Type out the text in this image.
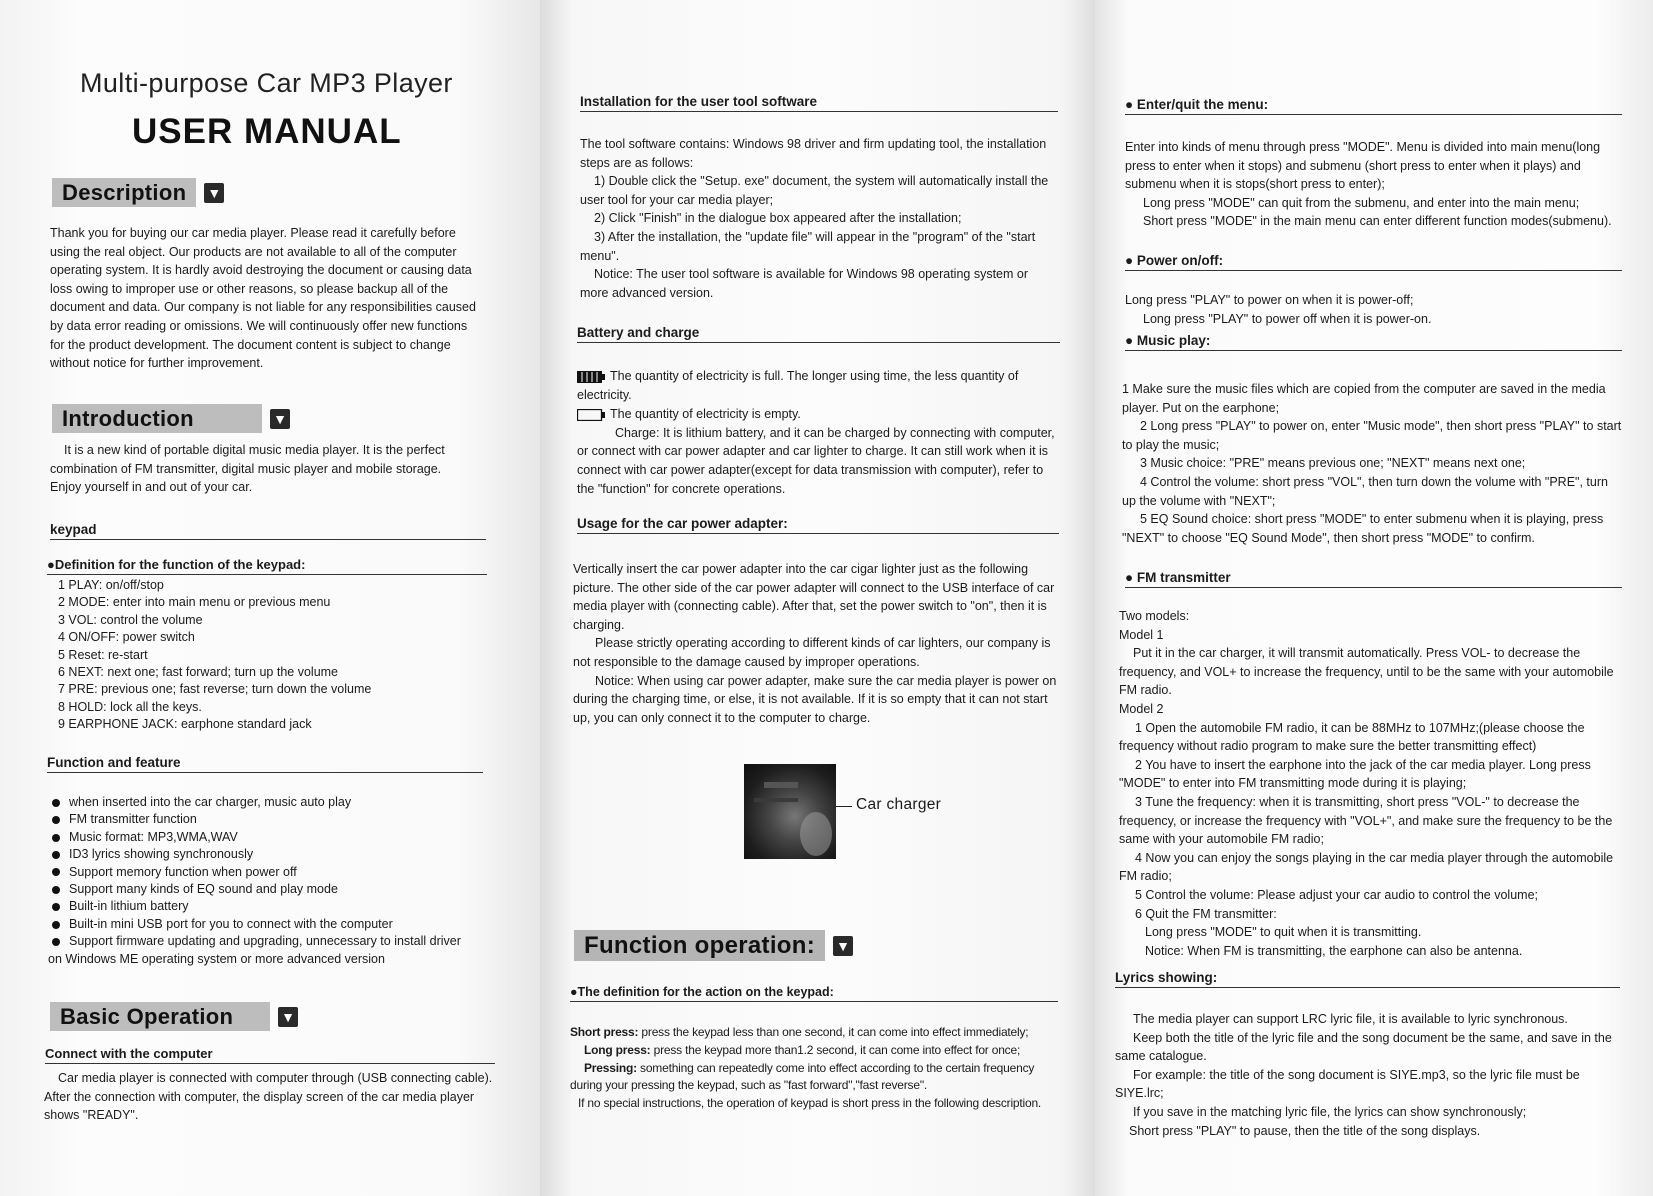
Multi-purpose Car MP3 Player
USER MANUAL
Description	▼
Thank you for buying our car media player. Please read it carefully before using the real object. Our products are not available to all of the computer operating system. It is hardly avoid destroying the document or causing data loss owing to improper use or other reasons, so please backup all of the document and data. Our company is not liable for any responsibilities caused by data error reading or omissions. We will continuously offer new functions for the product development. The document content is subject to change without notice for further improvement.
Introduction	▼
It is a new kind of portable digital music media player. It is the perfect combination of FM transmitter, digital music player and mobile storage. Enjoy yourself in and out of your car.
keypad
●Definition for the function of the keypad:
1 PLAY: on/off/stop
2 MODE: enter into main menu or previous menu
3 VOL: control the volume
4 ON/OFF: power switch
5 Reset: re-start
6 NEXT: next one; fast forward; turn up the volume
7 PRE: previous one; fast reverse; turn down the volume
8 HOLD: lock all the keys.
9 EARPHONE JACK: earphone standard jack
Function and feature
when inserted into the car charger, music auto play
FM transmitter function
Music format: MP3,WMA,WAV
ID3 lyrics showing synchronously
Support memory function when power off
Support many kinds of EQ sound and play mode
Built-in lithium battery
Built-in mini USB port for you to connect with the computer
Support firmware updating and upgrading, unnecessary to install driver
on Windows ME operating system or more advanced version
Basic Operation	▼
Connect with the computer
Car media player is connected with computer through (USB connecting cable). After the connection with computer, the display screen of the car media player shows "READY".
Installation for the user tool software

The tool software contains: Windows 98 driver and firm updating tool, the installation steps are as follows:

1) Double click the "Setup. exe" document, the system will automatically install the user tool for your car media player;

2) Click "Finish" in the dialogue box appeared after the installation;

3) After the installation, the "update file" will appear in the "program" of the "start menu".

Notice: The user tool software is available for Windows 98 operating system or more advanced version.

Battery and charge

The quantity of electricity is full. The longer using time, the less quantity of electricity.

The quantity of electricity is empty.

Charge: It is lithium battery, and it can be charged by connecting with computer, or connect with car power adapter and car lighter to charge. It can still work when it is connect with car power adapter(except for data transmission with computer), refer to the "function" for concrete operations.

Usage for the car power adapter:

Vertically insert the car power adapter into the car cigar lighter just as the following picture. The other side of the car power adapter will connect to the USB interface of car media player with (connecting cable). After that, set the power switch to "on", then it is charging.

Please strictly operating according to different kinds of car lighters, our company is not responsible to the damage caused by improper operations.

Notice: When using car power adapter, make sure the car media player is power on during the charging time, or else, it is not available. If it is so empty that it can not start up, you can only connect it to the computer to charge.

Car charger
Function operation:	▼
●The definition for the action on the keypad:

Short press: press the keypad less than one second, it can come into effect immediately;

Long press: press the keypad more than1.2 second, it can come into effect for once;

Pressing: something can repeatedly come into effect according to the certain frequency during your pressing the keypad, such as "fast forward","fast reverse".

If no special instructions, the operation of keypad is short press in the following description.

● Enter/quit the menu:

Enter into kinds of menu through press "MODE". Menu is divided into main menu(long press to enter when it stops) and submenu (short press to enter when it plays) and submenu when it is stops(short press to enter);

Long press "MODE" can quit from the submenu, and enter into the main menu;

Short press "MODE" in the main menu can enter different function modes(submenu).

● Power on/off:

Long press "PLAY" to power on when it is power-off;

Long press "PLAY" to power off when it is power-on.

● Music play:

1 Make sure the music files which are copied from the computer are saved in the media player. Put on the earphone;

2 Long press "PLAY" to power on, enter "Music mode", then short press "PLAY" to start to play the music;

3 Music choice: "PRE" means previous one; "NEXT" means next one;

4 Control the volume: short press "VOL", then turn down the volume with "PRE", turn up the volume with "NEXT";

5 EQ Sound choice: short press "MODE" to enter submenu when it is playing, press "NEXT" to choose "EQ Sound Mode", then short press "MODE" to confirm.

● FM transmitter

Two models:

Model 1

Put it in the car charger, it will transmit automatically. Press VOL- to decrease the frequency, and VOL+ to increase the frequency, until to be the same with your automobile FM radio.

Model 2

1 Open the automobile FM radio, it can be 88MHz to 107MHz;(please choose the frequency without radio program to make sure the better transmitting effect)

2 You have to insert the earphone into the jack of the car media player. Long press "MODE" to enter into FM transmitting mode during it is playing;

3 Tune the frequency: when it is transmitting, short press "VOL-" to decrease the frequency, or increase the frequency with "VOL+", and make sure the frequency to be the same with your automobile FM radio;

4 Now you can enjoy the songs playing in the car media player through the automobile FM radio;

5 Control the volume: Please adjust your car audio to control the volume;

6 Quit the FM transmitter:

Long press "MODE" to quit when it is transmitting.

Notice: When FM is transmitting, the earphone can also be antenna.

Lyrics showing:

The media player can support LRC lyric file, it is available to lyric synchronous.

Keep both the title of the lyric file and the song document be the same, and save in the same catalogue.

For example: the title of the song document is SIYE.mp3, so the lyric file must be SIYE.lrc;

If you save in the matching lyric file, the lyrics can show synchronously;

Short press "PLAY" to pause, then the title of the song displays.
